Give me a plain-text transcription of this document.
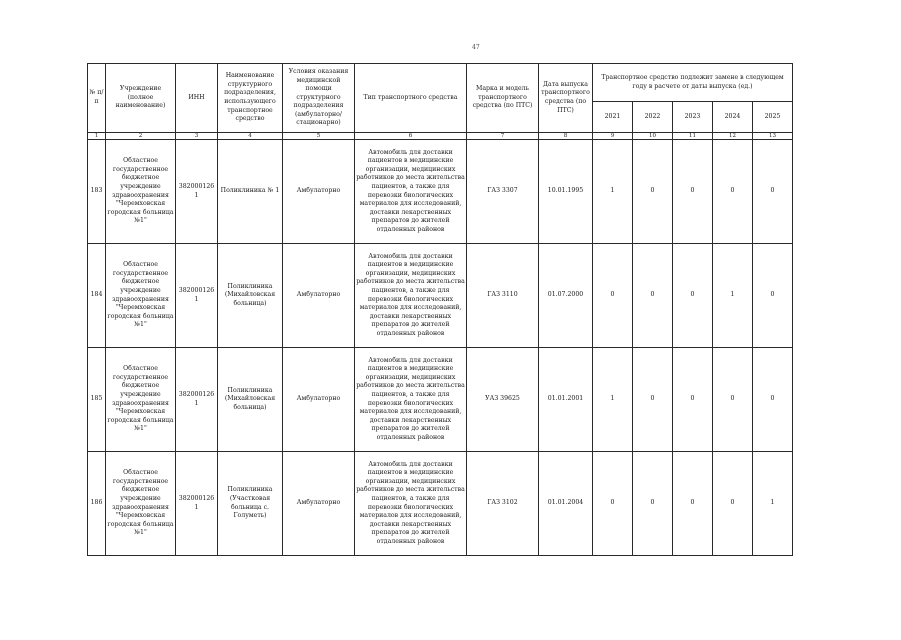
47
№ п/п	Учреждение (полное наименование)	ИНН	Наименование структурного подразделения, использующего транспортное средство	Условия оказания медицинской помощи структурного подразделения (амбулаторно/стационарно)	Тип транспортного средства	Марка и модель транспортного средства (по ПТС)	Дата выпуска транспортного средства (по ПТС)	Транспортное средство подлежит замене в следующем году в расчете от даты выпуска (ед.)				
								2021	2022	2023	2024	2025
1	2	3	4	5	6	7	8	9	10	11	12	13
183	Областное государственное бюджетное учреждение здравоохранения "Черемховская городская больница №1"	3820001261	Поликлиника № 1	Амбулаторно	Автомобиль для доставки пациентов в медицинские организации, медицинских работников до места жительства пациентов, а также для перевозки биологических материалов для исследований, доставки лекарственных препаратов до жителей отдаленных районов	ГАЗ 3307	10.01.1995	1	0	0	0	0
184	Областное государственное бюджетное учреждение здравоохранения "Черемховская городская больница №1"	3820001261	Поликлиника (Михайловская больница)	Амбулаторно	Автомобиль для доставки пациентов в медицинские организации, медицинских работников до места жительства пациентов, а также для перевозки биологических материалов для исследований, доставки лекарственных препаратов до жителей отдаленных районов	ГАЗ 3110	01.07.2000	0	0	0	1	0
185	Областное государственное бюджетное учреждение здравоохранения "Черемховская городская больница №1"	3820001261	Поликлиника (Михайловская больница)	Амбулаторно	Автомобиль для доставки пациентов в медицинские организации, медицинских работников до места жительства пациентов, а также для перевозки биологических материалов для исследований, доставки лекарственных препаратов до жителей отдаленных районов	УАЗ 39625	01.01.2001	1	0	0	0	0
186	Областное государственное бюджетное учреждение здравоохранения "Черемховская городская больница №1"	3820001261	Поликлиника (Участковая больница с. Голуметь)	Амбулаторно	Автомобиль для доставки пациентов в медицинские организации, медицинских работников до места жительства пациентов, а также для перевозки биологических материалов для исследований, доставки лекарственных препаратов до жителей отдаленных районов	ГАЗ 3102	01.01.2004	0	0	0	0	1
